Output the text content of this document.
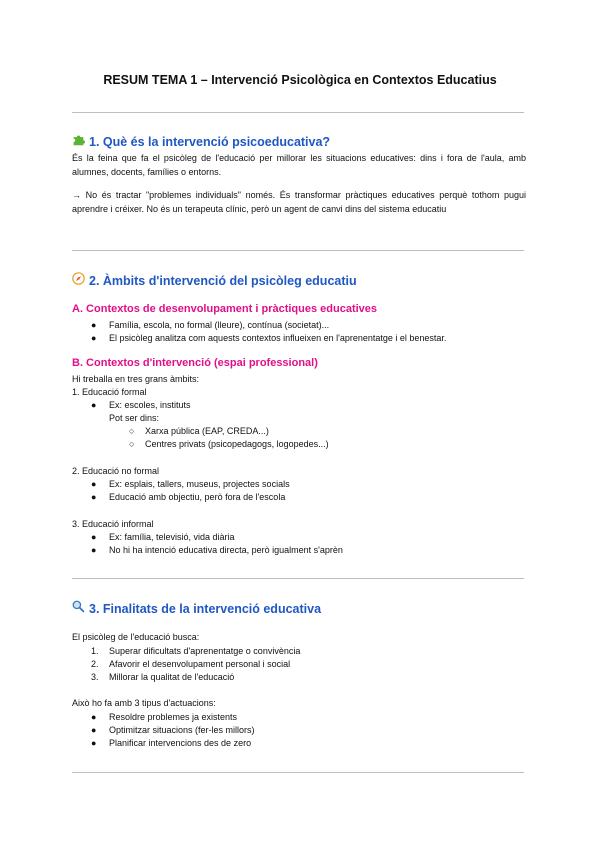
RESUM TEMA 1 – Intervenció Psicològica en Contextos Educatius
1. Què és la intervenció psicoeducativa?
És la feina que fa el psicòleg de l'educació per millorar les situacions educatives: dins i fora de l'aula, amb alumnes, docents, famílies o entorns.
→ No és tractar "problemes individuals" només. És transformar pràctiques educatives perquè tothom pugui aprendre i créixer. No és un terapeuta clínic, però un agent de canvi dins del sistema educatiu
2. Àmbits d'intervenció del psicòleg educatiu
A. Contextos de desenvolupament i pràctiques educatives
● Família, escola, no formal (lleure), contínua (societat)...
● El psicòleg analitza com aquests contextos influeixen en l'aprenentatge i el benestar.
B. Contextos d'intervenció (espai professional)
Hi treballa en tres grans àmbits:
1. Educació formal
● Ex: escoles, instituts
Pot ser dins:
○ Xarxa pública (EAP, CREDA...)
○ Centres privats (psicopedagogs, logopedes...)
2. Educació no formal
● Ex: esplais, tallers, museus, projectes socials
● Educació amb objectiu, però fora de l'escola
3. Educació informal
● Ex: família, televisió, vida diària
● No hi ha intenció educativa directa, però igualment s'aprèn
3. Finalitats de la intervenció educativa
El psicòleg de l'educació busca:
1. Superar dificultats d'aprenentatge o convivència
2. Afavorir el desenvolupament personal i social
3. Millorar la qualitat de l'educació
Això ho fa amb 3 tipus d'actuacions:
● Resoldre problemes ja existents
● Optimitzar situacions (fer-les millors)
● Planificar intervencions des de zero
